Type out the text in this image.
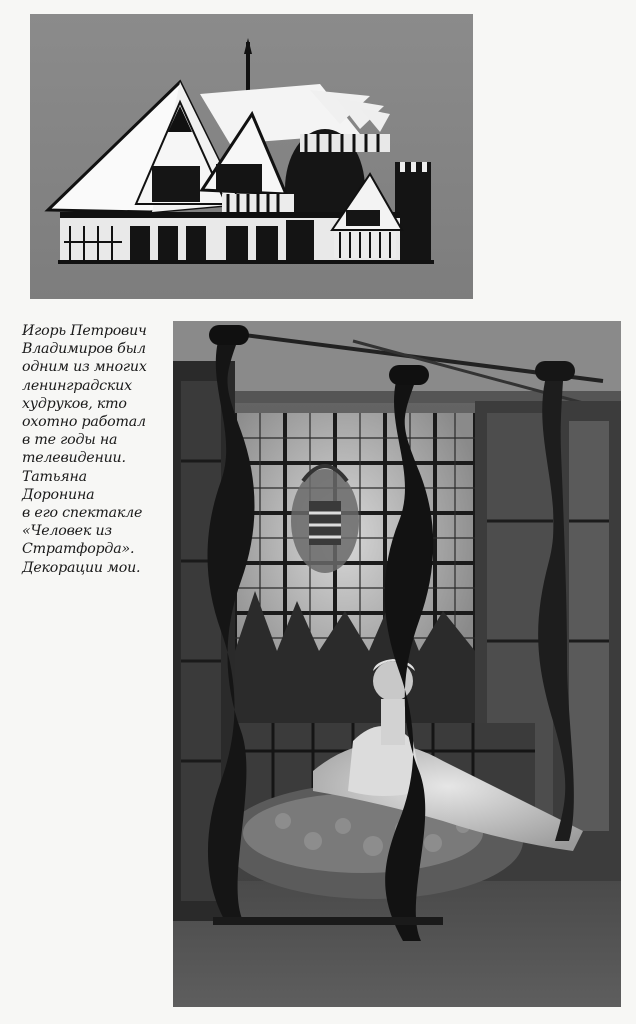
Игорь Петрович
Владимиров был
одним из многих
ленинградских
худруков, кто
охотно работал
в те годы на
телевидении.
Татьяна
Доронина
в его спектакле
«Человек из
Стратфорда».
Декорации мои.
